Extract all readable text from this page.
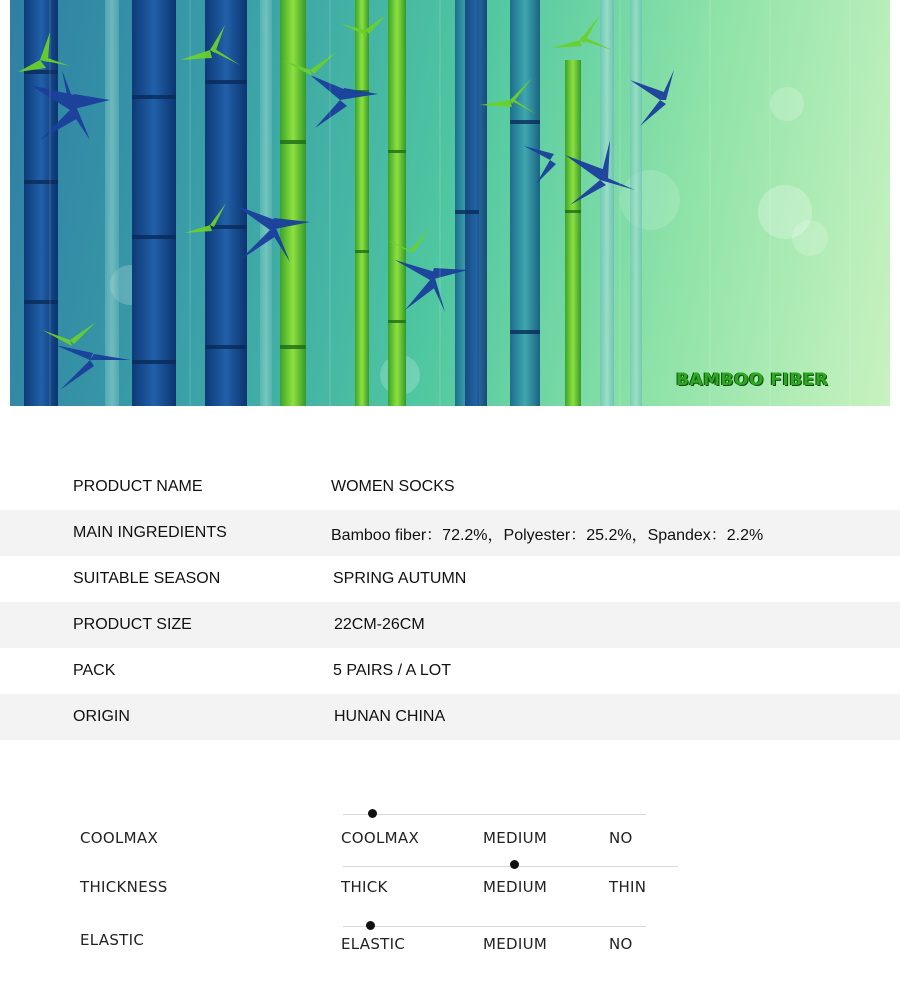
BAMBOO FIBER
PRODUCT NAME	WOMEN SOCKS
MAIN INGREDIENTS	Bamboo fiber：72.2%，Polyester：25.2%，Spandex：2.2%
SUITABLE SEASON	SPRING AUTUMN
PRODUCT SIZE	22CM-26CM
PACK	5 PAIRS / A LOT
ORIGIN	HUNAN CHINA
COOLMAX	COOLMAX	MEDIUM	NO
THICKNESS	THICK	MEDIUM	THIN
ELASTIC	ELASTIC	MEDIUM	NO
